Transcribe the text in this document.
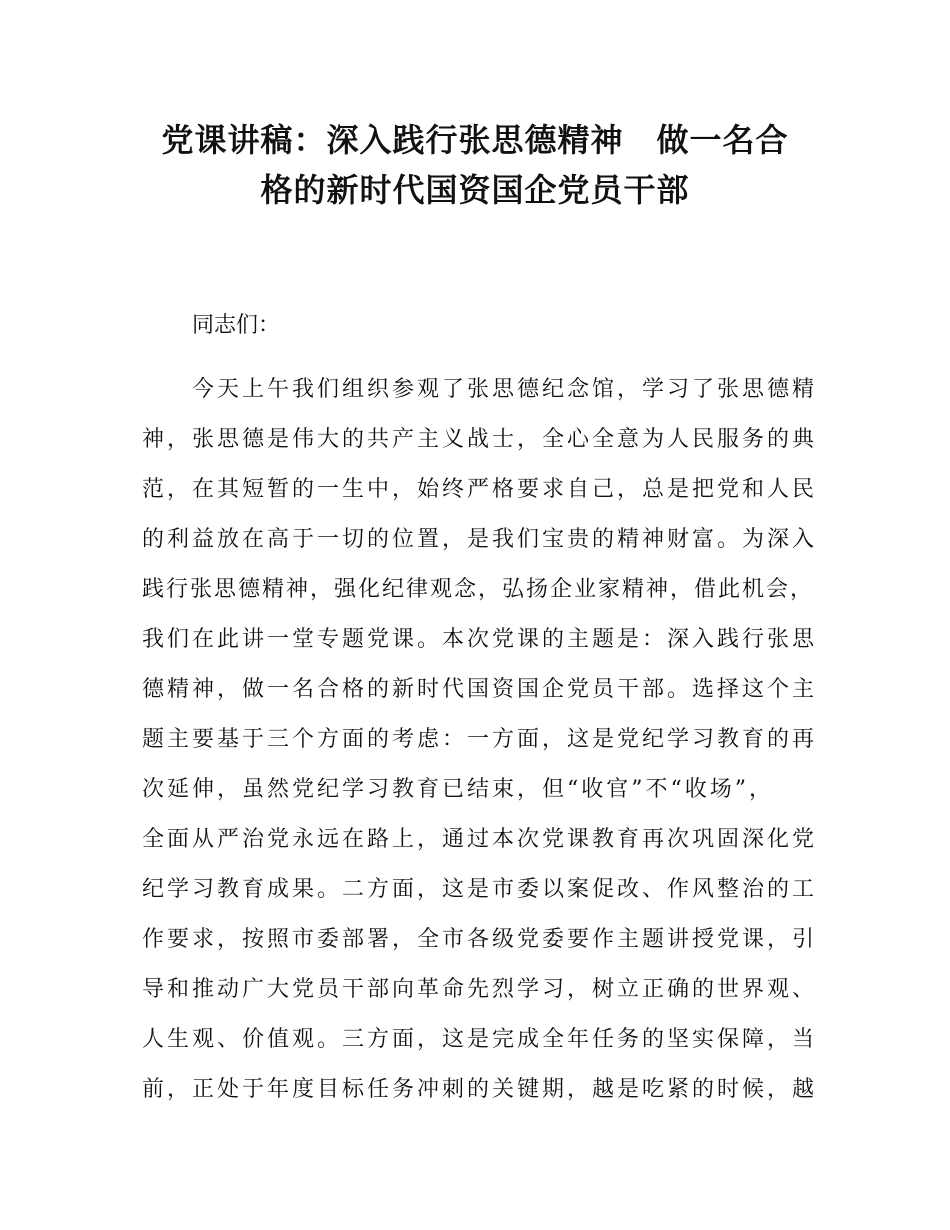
党课讲稿：深入践行张思德精神　做一名合
格的新时代国资国企党员干部
同志们：
今天上午我们组织参观了张思德纪念馆，学习了张思德精
神，张思德是伟大的共产主义战士，全心全意为人民服务的典
范，在其短暂的一生中，始终严格要求自己，总是把党和人民
的利益放在高于一切的位置，是我们宝贵的精神财富。为深入
践行张思德精神，强化纪律观念，弘扬企业家精神，借此机会，
我们在此讲一堂专题党课。本次党课的主题是：深入践行张思
德精神，做一名合格的新时代国资国企党员干部。选择这个主
题主要基于三个方面的考虑：一方面，这是党纪学习教育的再
次延伸，虽然党纪学习教育已结束，但“收官”不“收场”，
全面从严治党永远在路上，通过本次党课教育再次巩固深化党
纪学习教育成果。二方面，这是市委以案促改、作风整治的工
作要求，按照市委部署，全市各级党委要作主题讲授党课，引
导和推动广大党员干部向革命先烈学习，树立正确的世界观、
人生观、价值观。三方面，这是完成全年任务的坚实保障，当
前，正处于年度目标任务冲刺的关键期，越是吃紧的时候，越
